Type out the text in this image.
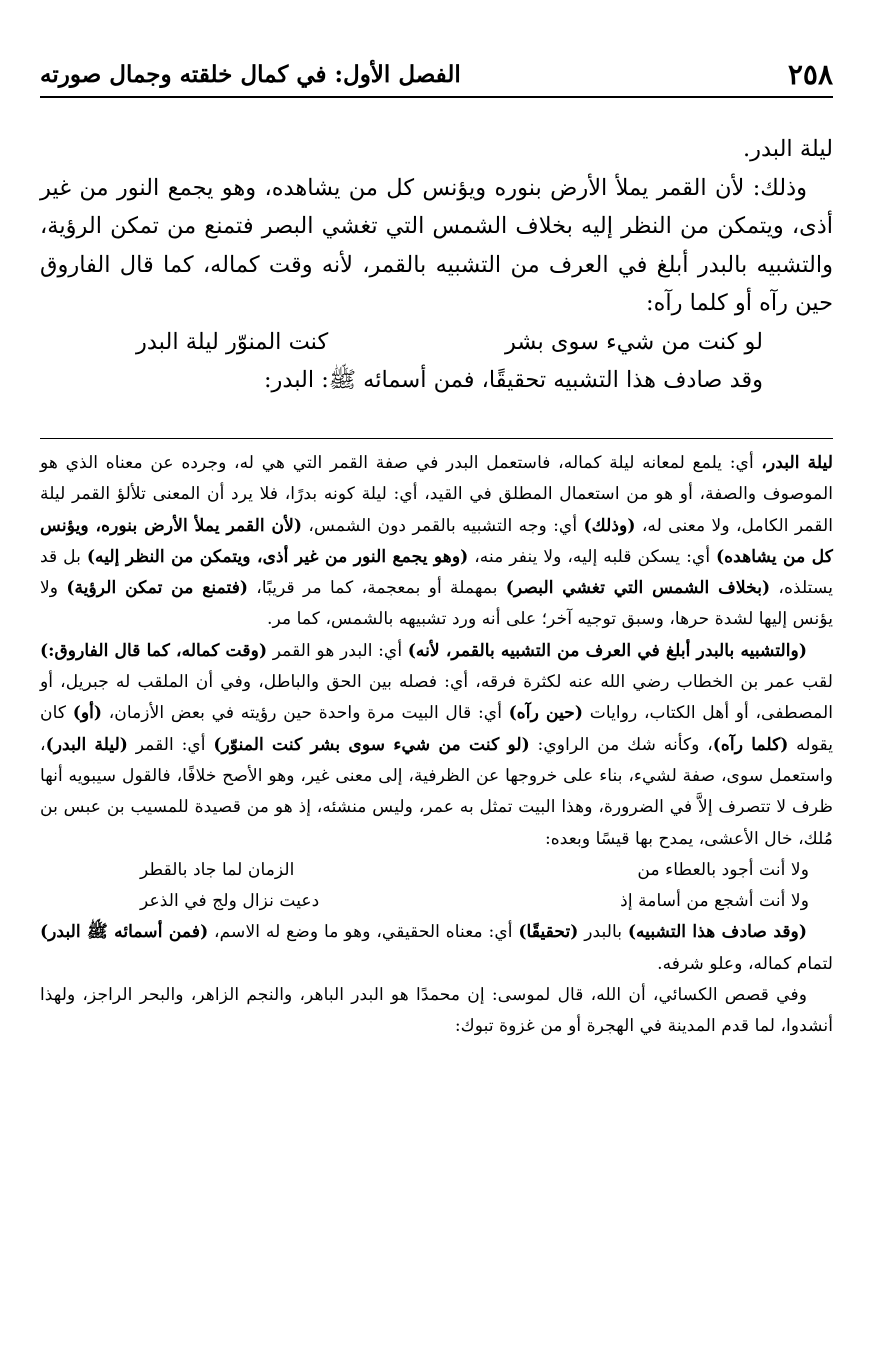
٢٥٨
الفصل الأول: في كمال خلقته وجمال صورته

ليلة البدر.

وذلك: لأن القمر يملأ الأرض بنوره ويؤنس كل من يشاهده، وهو يجمع النور من غير أذى، ويتمكن من النظر إليه بخلاف الشمس التي تغشي البصر فتمنع من تمكن الرؤية، والتشبيه بالبدر أبلغ في العرف من التشبيه بالقمر، لأنه وقت كماله، كما قال الفاروق حين رآه أو كلما رآه:

لو كنت من شيء سوى بشر
كنت المنوّر ليلة البدر

وقد صادف هذا التشبيه تحقيقًا، فمن أسمائه ﷺ: البدر:

ليلة البدر، أي: يلمع لمعانه ليلة كماله، فاستعمل البدر في صفة القمر التي هي له، وجرده عن معناه الذي هو الموصوف والصفة، أو هو من استعمال المطلق في القيد، أي: ليلة كونه بدرًا، فلا يرد أن المعنى تلألؤ القمر ليلة القمر الكامل، ولا معنى له، (وذلك) أي: وجه التشبيه بالقمر دون الشمس، (لأن القمر يملأ الأرض بنوره، ويؤنس كل من يشاهده) أي: يسكن قلبه إليه، ولا ينفر منه، (وهو يجمع النور من غير أذى، ويتمكن من النظر إليه) بل قد يستلذه، (بخلاف الشمس التي تغشي البصر) بمهملة أو بمعجمة، كما مر قريبًا، (فتمنع من تمكن الرؤية) ولا يؤنس إليها لشدة حرها، وسبق توجيه آخر؛ على أنه ورد تشبيهه بالشمس، كما مر.

(والتشبيه بالبدر أبلغ في العرف من التشبيه بالقمر، لأنه) أي: البدر هو القمر (وقت كماله، كما قال الفاروق:) لقب عمر بن الخطاب رضي الله عنه لكثرة فرقه، أي: فصله بين الحق والباطل، وفي أن الملقب له جبريل، أو المصطفى، أو أهل الكتاب، روايات (حين رآه) أي: قال البيت مرة واحدة حين رؤيته في بعض الأزمان، (أو) كان يقوله (كلما رآه)، وكأنه شك من الراوي: (لو كنت من شيء سوى بشر كنت المنوّر) أي: القمر (ليلة البدر)، واستعمل سوى، صفة لشيء، بناء على خروجها عن الظرفية، إلى معنى غير، وهو الأصح خلافًا، فالقول سيبويه أنها ظرف لا تتصرف إلاَّ في الضرورة، وهذا البيت تمثل به عمر، وليس منشئه، إذ هو من قصيدة للمسيب بن عبس بن مُلك، خال الأعشى، يمدح بها قيسًا وبعده:

ولا أنت أجود بالعطاء من
الزمان لما جاد بالقطر
ولا أنت أشجع من أسامة إذ
دعيت نزال ولج في الذعر

(وقد صادف هذا التشبيه) بالبدر (تحقيقًا) أي: معناه الحقيقي، وهو ما وضع له الاسم، (فمن أسمائه ﷺ البدر) لتمام كماله، وعلو شرفه.

وفي قصص الكسائي، أن الله، قال لموسى: إن محمدًا هو البدر الباهر، والنجم الزاهر، والبحر الراجز، ولهذا أنشدوا، لما قدم المدينة في الهجرة أو من غزوة تبوك:
